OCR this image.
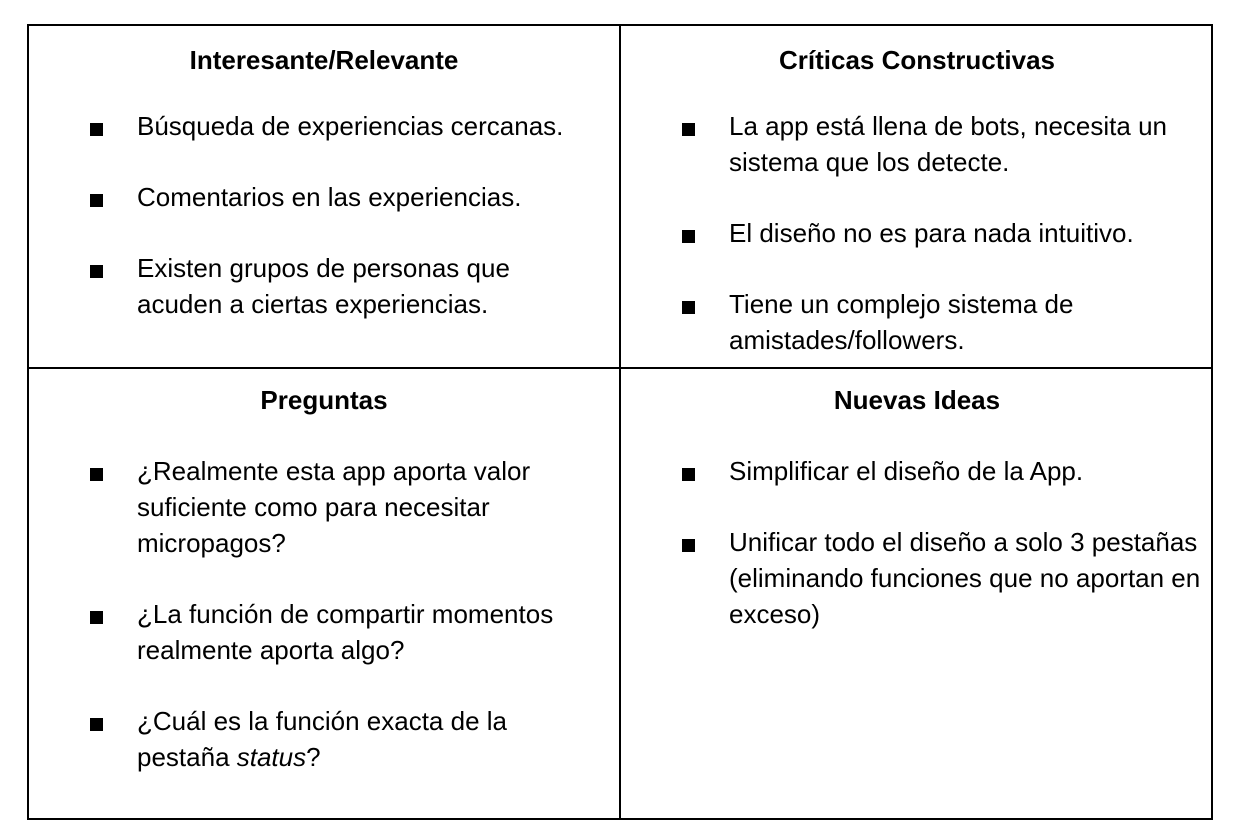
Interesante/Relevante
Búsqueda de experiencias cercanas.
Comentarios en las experiencias.
Existen grupos de personas que acuden a ciertas experiencias.
Críticas Constructivas
La app está llena de bots, necesita un sistema que los detecte.
El diseño no es para nada intuitivo.
Tiene un complejo sistema de amistades/followers.
Preguntas
¿Realmente esta app aporta valor suficiente como para necesitar micropagos?
¿La función de compartir momentos realmente aporta algo?
¿Cuál es la función exacta de la pestaña status?
Nuevas Ideas
Simplificar el diseño de la App.
Unificar todo el diseño a solo 3 pestañas (eliminando funciones que no aportan en exceso)
